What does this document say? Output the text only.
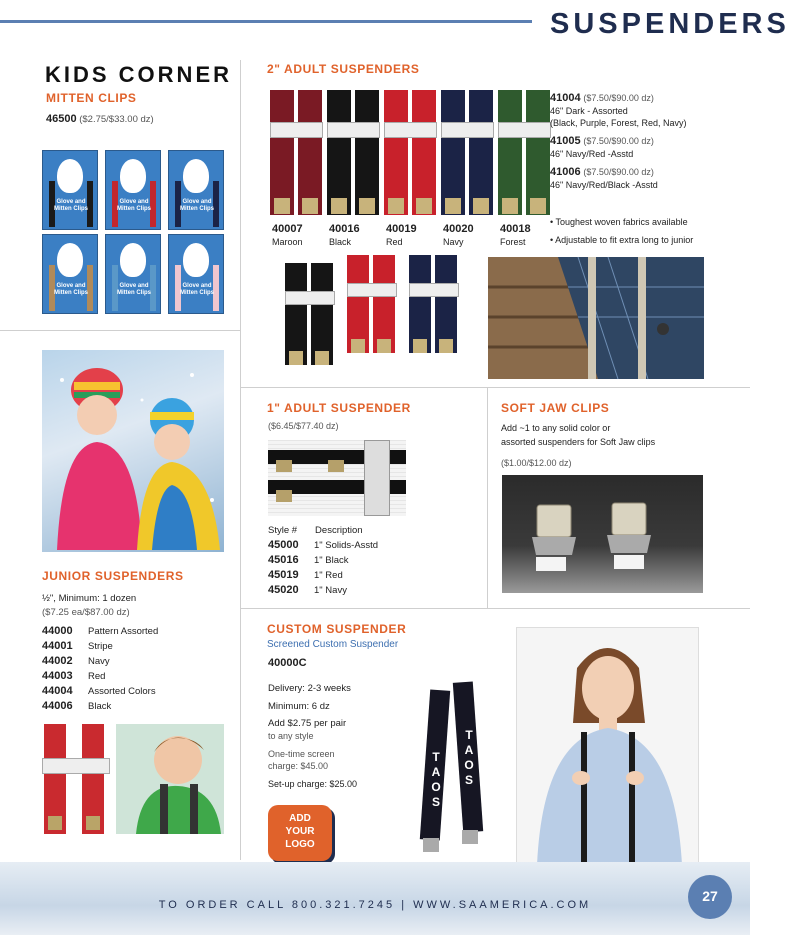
SUSPENDERS
KIDS CORNER
MITTEN CLIPS
46500 ($2.75/$33.00 dz)
Glove and Mitten Clips
Glove and Mitten Clips
Glove and Mitten Clips
Glove and Mitten Clips
Glove and Mitten Clips
Glove and Mitten Clips
JUNIOR SUSPENDERS
½", Minimum: 1 dozen
($7.25 ea/$87.00 dz)
44000	Pattern Assorted
44001	Stripe
44002	Navy
44003	Red
44004	Assorted Colors
44006	Black
2" ADULT SUSPENDERS
40007
Maroon
40016
Black
40019
Red
40020
Navy
40018
Forest
41004 ($7.50/$90.00 dz)
46" Dark - Assorted
(Black, Purple, Forest, Red, Navy)
41005 ($7.50/$90.00 dz)
46" Navy/Red -Asstd
41006 ($7.50/$90.00 dz)
46" Navy/Red/Black -Asstd
• Toughest woven fabrics available
• Adjustable to fit extra long to junior
1" ADULT SUSPENDER
($6.45/$77.40 dz)
Style # Description
45000	1" Solids-Asstd
45016	1" Black
45019	1" Red
45020	1" Navy
SOFT JAW CLIPS
Add ~1 to any solid color or
assorted suspenders for Soft Jaw clips
($1.00/$12.00 dz)
CUSTOM SUSPENDER
Screened Custom Suspender
40000C
Delivery: 2-3 weeks
Minimum: 6 dz
Add $2.75 per pair
to any style
One-time screen
charge: $45.00
Set-up charge: $25.00
ADD
YOUR
LOGO
TAOS
TAOS
TO ORDER CALL 800.321.7245 | WWW.SAAMERICA.COM
27
